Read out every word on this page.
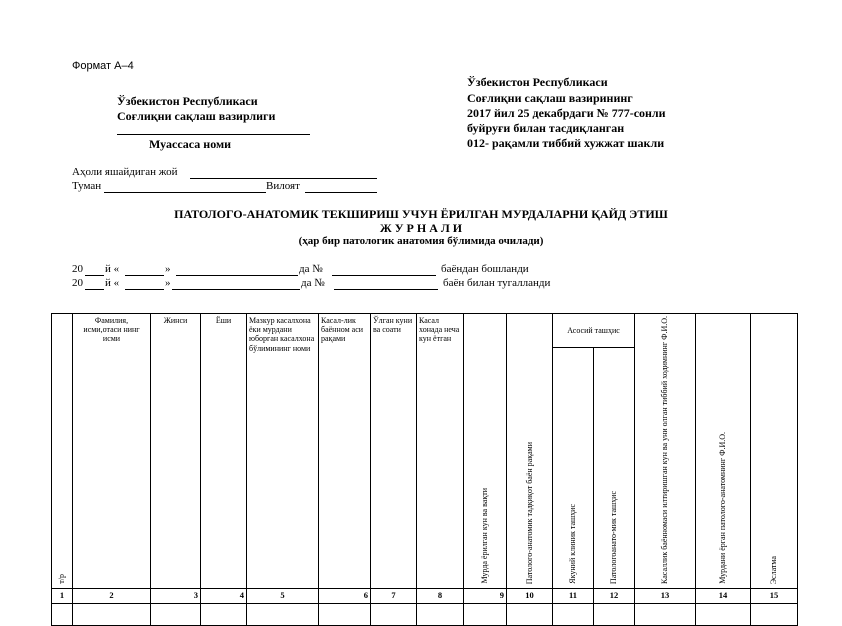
Формат А–4
Ўзбекистон Республикаси
Соғлиқни сақлаш вазирлиги
Муассаса номи
Ўзбекистон Республикаси
Соғлиқни сақлаш вазирининг
2017 йил 25 декабрдаги № 777-сонли
буйруғи билан тасдиқланган
012- рақамли тиббий хужжат шакли
Аҳоли яшайдиган жой
Туман	Вилоят
ПАТОЛОГО-АНАТОМИК ТЕКШИРИШ УЧУН ЁРИЛГАН МУРДАЛАРНИ ҚАЙД ЭТИШ
Ж У Р Н А Л И
(ҳар бир патологик анатомия бўлимида очилади)
20 й «	»	да №	баёндан бошланди
20 й «	»	да №	баён билан тугалланди
т/р	Фамилия, исми,отаси нинг исми	Жинси	Ёши	Мазкур касалхона ёки мурдани юборган касалхона бўлимининг номи	Касал-лик баённом аси рақами	Ўлган куни ва соати	Касал хонада неча кун ётган	Мурда ёрилган кун ва вақти	Патолого-анатомик тадқиқот баён рақами	Асосий ташҳис		Касаллик баённомаси илтиришган кун ва уни олган тиббий ходимнинг Ф.И.О.	Мурдани ёрган патолого-анатомнинг Ф.И.О.	Эслатма
										Якуний клиник ташҳис	Патологоанато-мик ташҳис			
1	2	3	4	5	6	7	8	9	10	11	12	13	14	15
